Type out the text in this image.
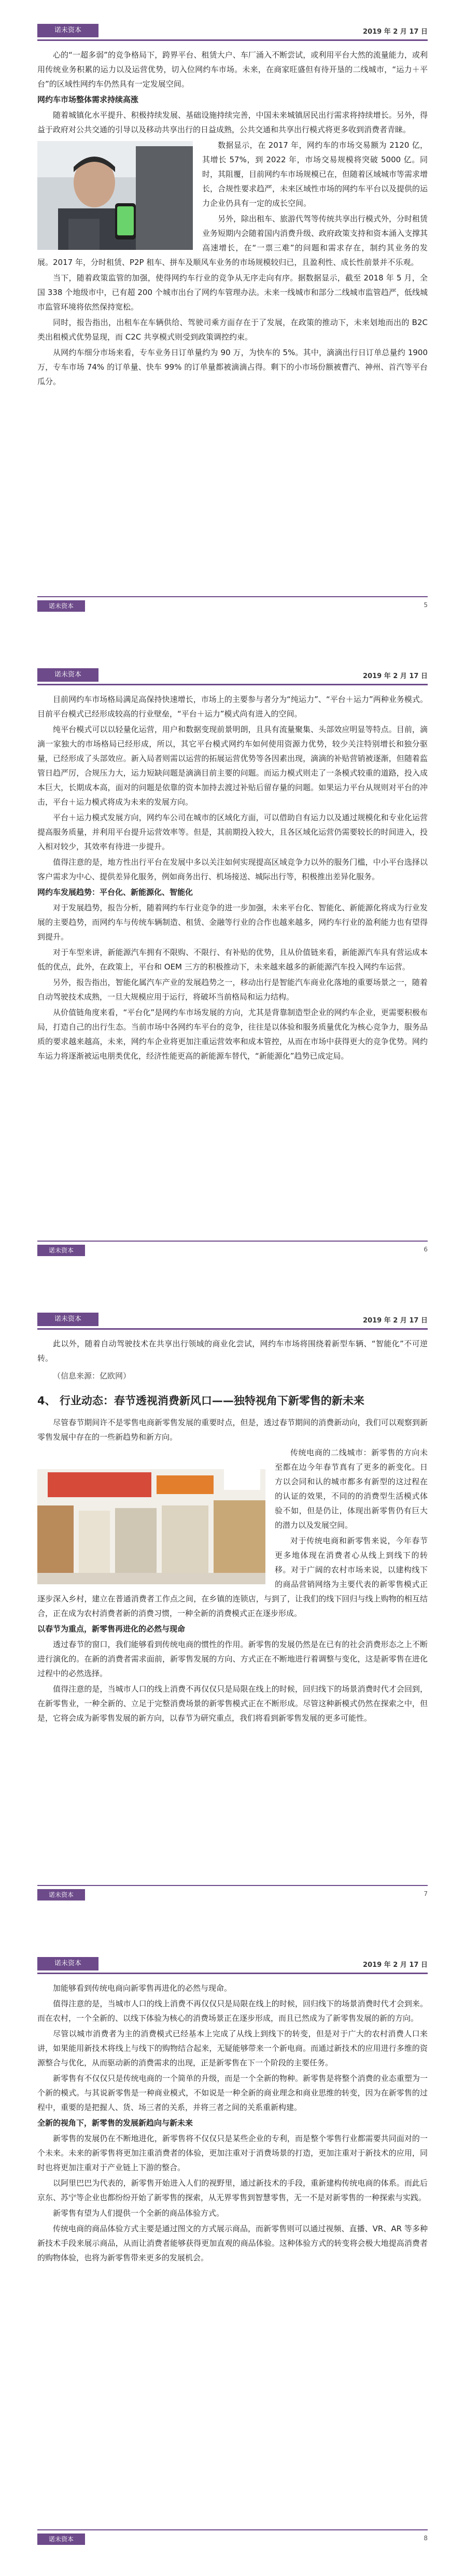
诺未资本	2019 年 2 月 17 日

心的“一超多弱”的竞争格局下，跨界平台、租赁大户、车厂涌入不断尝试，或利用平台大然的流量能力，或利用传统业务积累的运力以及运营优势，切入位网约车市场。未来，在商家旺盛但有待开垦的二线城市，“运力＋平台”的区域性网约车仍然具有一定发展空间。

网约车市场整体需求持续高涨

随着城镇化水平提升、积极持续发展、基础设施持续完善，中国未来城镇居民出行需求将持续增长。另外，得益于政府对公共交通的引导以及移动共享出行的日益成熟，公共交通和共享出行模式将更多收到消费者青睐。

数据显示，在 2017 年，网约车的市场交易额为 2120 亿，其增长 57%，到 2022 年，市场交易规模将突破 5000 亿。同时，其阻覆，目前网约车市场规模已在，但随着区域城市等需求增长，合规性要求趋严，未来区域性市场的网约车平台以及提供的运力企业仍具有一定的成长空间。

另外，除出租车、旅游代驾等传统共享出行模式外，分时租赁业务短期内会随着国内消费升级、政府政策支持和资本涌入支撑其高速增长，在“一票三难”的问题和需求存在，制约其业务的发展。2017 年，分时租赁、P2P 租车、拼车及顺风车业务的市场规模较归已，且盈利性、成长性前景并不乐观。

当下，随着政策监管的加强，使得网约车行业的竞争从无序走向有序。据数据显示，截至 2018 年 5 月，全国 338 个地级市中，已有超 200 个城市出台了网约车管理办法。未来一线城市和部分二线城市监管趋严，低线城市监管环境将依然保持宽松。

同时，报告指出，出租车在车辆供给、驾驶司乘方面存在于了发展，在政策的推动下，未来划地而出的 B2C 类出租模式优势显现，而 C2C 共享模式则受到政策调控约束。

从网约车细分市场来看，专车业务日订单量约为 90 万，为快车的 5%。其中，滴滴出行日订单总量约 1900 万，专车市场 74% 的订单量、快车 99% 的订单量都被滴滴占得。剩下的小市场份额被曹汽、神州、首汽等平台瓜分。

诺未资本	5
诺未资本	2019 年 2 月 17 日

目前网约车市场格局满足高保持快速增长，市场上的主要参与者分为“纯运力”、“平台＋运力”两种业务模式。目前平台模式已经形成较高的行业壁垒，“平台＋运力”模式尚有进入的空间。

纯平台模式可以以轻量化运营，用户和数据变现前景明朗，且具有流量聚集、头部效应明显等特点。目前，滴滴一家独大的市场格局已经形成，所以，其它平台模式网约车如何使用资源力优势，较少关注特别增长和独分驱量，已经形成了头部效应。新入局者则需以运营的拓展运营优势等各因素出现，滴滴的补贴营销被逐渐，但随着监管日趋严厉，合规压力大，运力短缺问题是滴滴目前主要的问题。而运力模式则走了一条模式较重的道路，投入成本巨大，长期成本高，面对的问题是依靠的资本加持去渡过补贴后留存量的问题。如果运力平台从规则对平台的冲击，平台＋运力模式将成为未来的发展方向。

平台＋运力模式发展方向，网约车公司在城市的区域化方面，可以借助自有运力以及通过规模化和专业化运营提高服务质量，并利用平台提升运营效率等。但是，其前期投入较大，且各区域化运营仍需要较长的时间进入，投入相对较少，其效率有待进一步提升。

值得注意的是，地方性出行平台在发展中多以关注如何实现提高区域竞争力以外的服务门槛，中小平台选择以客户需求为中心、提供差异化服务，例如商务出行、机场接送、城际出行等，积极推出差异化服务。

网约车发展趋势：平台化、新能源化、智能化

对于发展趋势，报告分析，随着网约车行业竞争的进一步加强，未来平台化、智能化、新能源化将成为行业发展的主要趋势，而网约车与传统车辆制造、租赁、金融等行业的合作也越来越多，网约车行业的盈利能力也有望得到提升。

对于车型来讲，新能源汽车拥有不限购、不限行、有补贴的优势，且从价值链来看，新能源汽车具有营运成本低的优点，此外，在政策上，平台和 OEM 三方的积极推动下，未来越来越多的新能源汽车投入网约车运营。

另外，报告指出，智能化属汽车产业的发展趋势之一，移动出行是智能汽车商业化落地的重要场景之一，随着自动驾驶技术成熟，一旦大规模应用于运行，将破坏当前格局和运力结构。

从价值链角度来看，“平台化”是网约车市场发展的方向，尤其是背靠制造型企业的网约车企业，更需要积极布局，打造自己的出行生态。当前市场中各网约车平台的竞争，往往是以体验和服务质量优化为核心竞争力，服务品质的要求越来越高，未来，网约车企业将更加注重运营效率和成本管控，从而在市场中获得更大的竞争优势。网约车运力将逐渐被运电朋类优化，经济性能更高的新能源车替代，“新能源化”趋势已成定局。

诺未资本	6
诺未资本	2019 年 2 月 17 日

此以外，随着自动驾驶技术在共享出行领域的商业化尝试，网约车市场将围绕着新型车辆、“智能化”不可逆转。

（信息来源：亿欧网）

4、 行业动态：春节透视消费新风口——独特视角下新零售的新未来

尽管春节期间许不是零售电商新零售发展的重要时点，但是，透过春节期间的消费新动向，我们可以观察到新零售发展中存在的一些新趋势和新方向。

传统电商的二线城市：新零售的方向未至都在边今年春节真有了更多的新变化。日方以会同和认的城市都多有新型的这过程在的认证的效果，不同的的消费型生活模式体验不如，但是仍让，体现出新零售仍有巨大的潜力以及发展空间。

对于传统电商和新零售来说，今年春节更多地体现在消费者心从线上到线下的转移。对于广阔的农村市场来说，以建构线下的商品营销网络为主要代表的新零售模式正逐步深入乡村，建立在普通消费者工作点之间，在乡镇的连锁店，与到了，让我们的线下回归与线上购物的相互结合，正在成为农村消费者新的消费习惯，一种全新的消费模式正在逐步形成。

以春节为重点，新零售再进化的必然与现命

透过春节的窗口，我们能够看到传统电商的惯性的作用。新零售的发展仍然是在已有的社会消费形态之上不断进行演化的。在新的消费者需求面前，新零售发展的方向、方式正在不断地进行着调整与变化，这是新零售在进化过程中的必然选择。

值得注意的是，当城市人口的线上消费不再仅仅只是局限在线上的时候，回归线下的场景消费时代才会回到，在新零售业，一种全新的、立足于完整消费场景的新零售模式正在不断形成。尽管这种新模式仍然在探索之中，但是，它将会成为新零售发展的新方向，以春节为研究重点，我们将看到新零售发展的更多可能性。

诺未资本	7
诺未资本	2019 年 2 月 17 日

加能够看到传统电商向新零售再进化的必然与现命。

值得注意的是，当城市人口的线上消费不再仅仅只是局限在线上的时候，回归线下的场景消费时代才会到来。而在农村，一个全新的、以线下体验为核心的消费场景正在逐步形成，而且已然成为了新零售发展的新的方向。

尽管以城市消费者为主的消费模式已经基本上完成了从线上到线下的转变，但是对于广大的农村消费人口来讲，如果能用新技术将线上与线下的购物结合起来，无疑能够带来一个新电商。而通过新技术的应用进行多维的资源整合与优化，从而驱动新的消费需求的出现，正是新零售在下一个阶段的主要任务。

新零售有不仅仅只是传统电商的一个简单的升级，而是一个全新的物种。新零售是将整个消费的业态重塑为一个新的模式。与其说新零售是一种商业模式，不如说是一种全新的商业理念和商业思维的转变，因为在新零售的过程中，重要的是把握人、货、场三者的关系，并将三者之间的关系重新构建。

全新的视角下，新零售的发展新趋向与新未来

新零售的发展仍在不断地进化，新零售将不仅仅只是某些企业的专利，而是整个零售行业都需要共同面对的一个未来。未来的新零售将更加注重消费者的体验，更加注重对于消费场景的打造，更加注重对于新技术的应用，同时也将更加注重对于产业链上下游的整合。

以阿里巴巴为代表的，新零售开始进入人们的视野里，通过新技术的手段，重新建构传统电商的体系。而此后京东、苏宁等企业也都纷纷开始了新零售的探索，从无界零售到智慧零售，无一不是对新零售的一种探索与实践。

新零售有望为人们提供一个全新的商品体验方式。

传统电商的商品体验方式主要是通过图文的方式展示商品，而新零售则可以通过视频、直播、VR、AR 等多种新技术手段来展示商品，从而让消费者能够获得更加直观的商品体验。这种体验方式的转变将会极大地提高消费者的购物体验，也将为新零售带来更多的发展机会。

诺未资本	8
